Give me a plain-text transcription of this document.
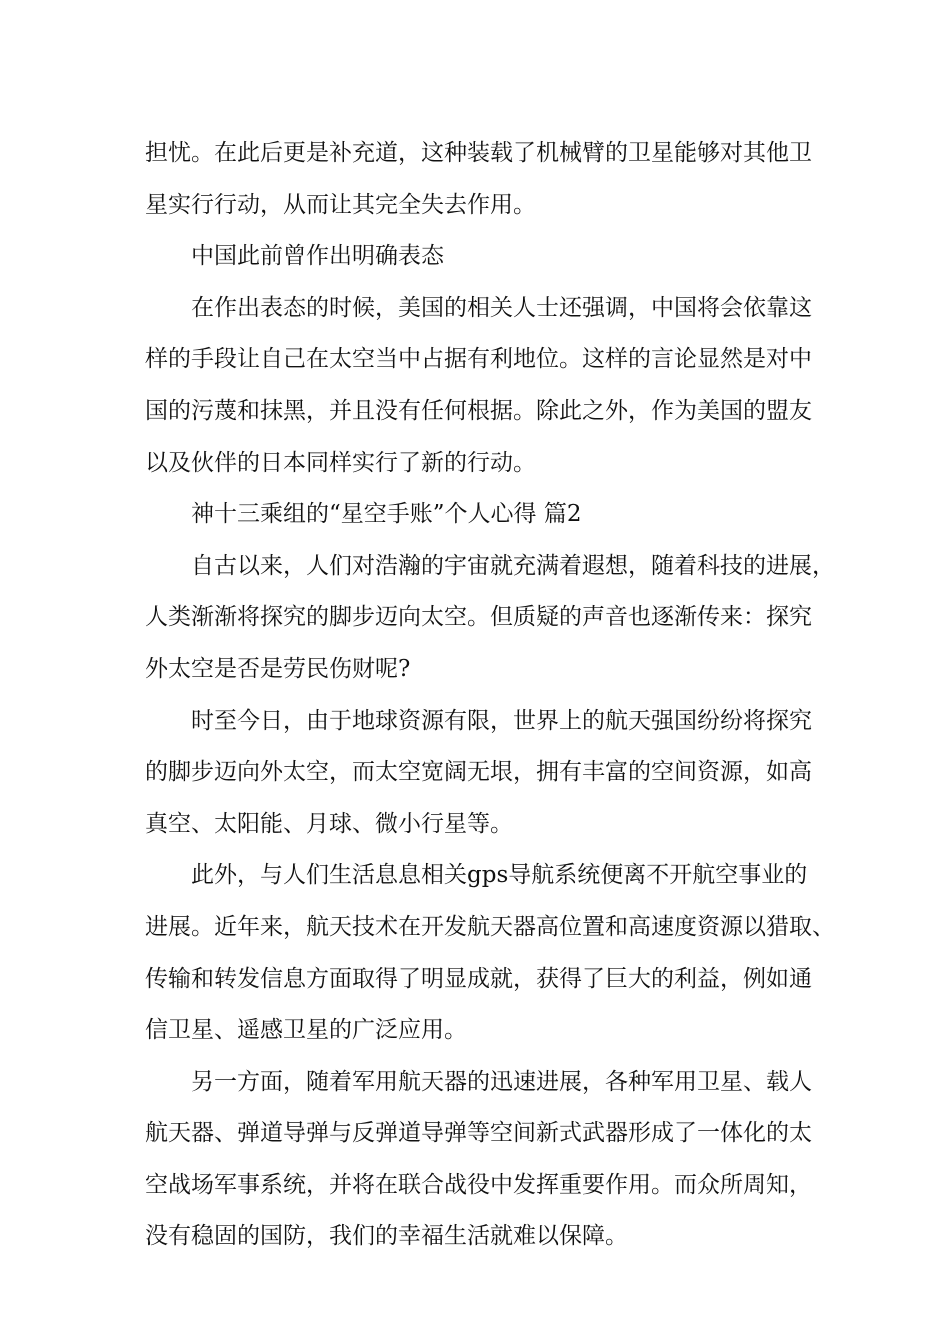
担忧。在此后更是补充道，这种装载了机械臂的卫星能够对其他卫
星实行行动，从而让其完全失去作用。
中国此前曾作出明确表态
在作出表态的时候，美国的相关人士还强调，中国将会依靠这
样的手段让自己在太空当中占据有利地位。这样的言论显然是对中
国的污蔑和抹黑，并且没有任何根据。除此之外，作为美国的盟友
以及伙伴的日本同样实行了新的行动。
神十三乘组的“星空手账”个人心得 篇2
自古以来，人们对浩瀚的宇宙就充满着遐想，随着科技的进展，
人类渐渐将探究的脚步迈向太空。但质疑的声音也逐渐传来：探究
外太空是否是劳民伤财呢?
时至今日，由于地球资源有限，世界上的航天强国纷纷将探究
的脚步迈向外太空，而太空宽阔无垠，拥有丰富的空间资源，如高
真空、太阳能、月球、微小行星等。
此外，与人们生活息息相关gps导航系统便离不开航空事业的
进展。近年来，航天技术在开发航天器高位置和高速度资源以猎取、
传输和转发信息方面取得了明显成就，获得了巨大的利益，例如通
信卫星、遥感卫星的广泛应用。
另一方面，随着军用航天器的迅速进展，各种军用卫星、载人
航天器、弹道导弹与反弹道导弹等空间新式武器形成了一体化的太
空战场军事系统，并将在联合战役中发挥重要作用。而众所周知，
没有稳固的国防，我们的幸福生活就难以保障。
